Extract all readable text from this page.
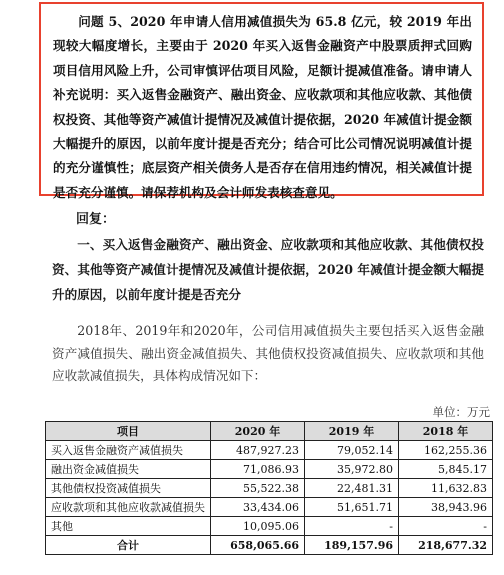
问题 5、2020 年申请人信用减值损失为 65.8 亿元，较 2019 年出现较大幅度增长，主要由于 2020 年买入返售金融资产中股票质押式回购项目信用风险上升，公司审慎评估项目风险，足额计提减值准备。请申请人补充说明：买入返售金融资产、融出资金、应收款项和其他应收款、其他债权投资、其他等资产减值计提情况及减值计提依据，2020 年减值计提金额大幅提升的原因，以前年度计提是否充分；结合可比公司情况说明减值计提的充分谨慎性；底层资产相关债务人是否存在信用违约情况，相关减值计提是否充分谨慎。请保荐机构及会计师发表核查意见。

回复：

一、买入返售金融资产、融出资金、应收款项和其他应收款、其他债权投资、其他等资产减值计提情况及减值计提依据，2020 年减值计提金额大幅提升的原因，以前年度计提是否充分

2018年、2019年和2020年，公司信用减值损失主要包括买入返售金融资产减值损失、融出资金减值损失、其他债权投资减值损失、应收款项和其他应收款减值损失，具体构成情况如下：

单位：万元
项目	2020 年	2019 年	2018 年
买入返售金融资产减值损失	487,927.23	79,052.14	162,255.36
融出资金减值损失	71,086.93	35,972.80	5,845.17
其他债权投资减值损失	55,522.38	22,481.31	11,632.83
应收款项和其他应收款减值损失	33,434.06	51,651.71	38,943.96
其他	10,095.06	-	-
合计	658,065.66	189,157.96	218,677.32
